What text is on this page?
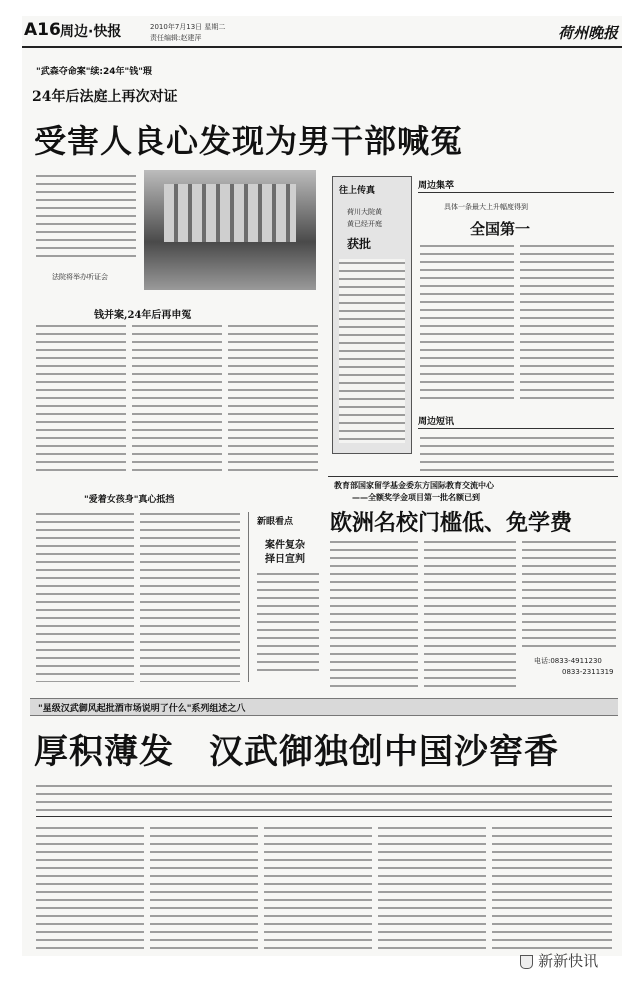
A16 周边·快报	2010年7月13日 星期二
责任编辑:赵建萍	荷州晚报
"武森夺命案"续:24年"钱"瑕
24年后法庭上再次对证
受害人良心发现为男干部喊冤
法院将举办听证会
钱并案,24年后再申冤
往上传真
荷川大院黄
黄已经开庭
获批
周边集萃
具体一条最大上升幅度得到
全国第一
周边短讯
"爱着女孩身"真心抵挡
新眼看点
案件复杂
择日宣判
教育部国家留学基金委东方国际教育交流中心
——全额奖学金项目第一批名额已到
欧洲名校门槛低、免学费
电话:0833-4911230
0833-2311319
"星级汉武御风起批酒市场说明了什么"系列组述之八
厚积薄发　汉武御独创中国沙窖香
新新快讯
